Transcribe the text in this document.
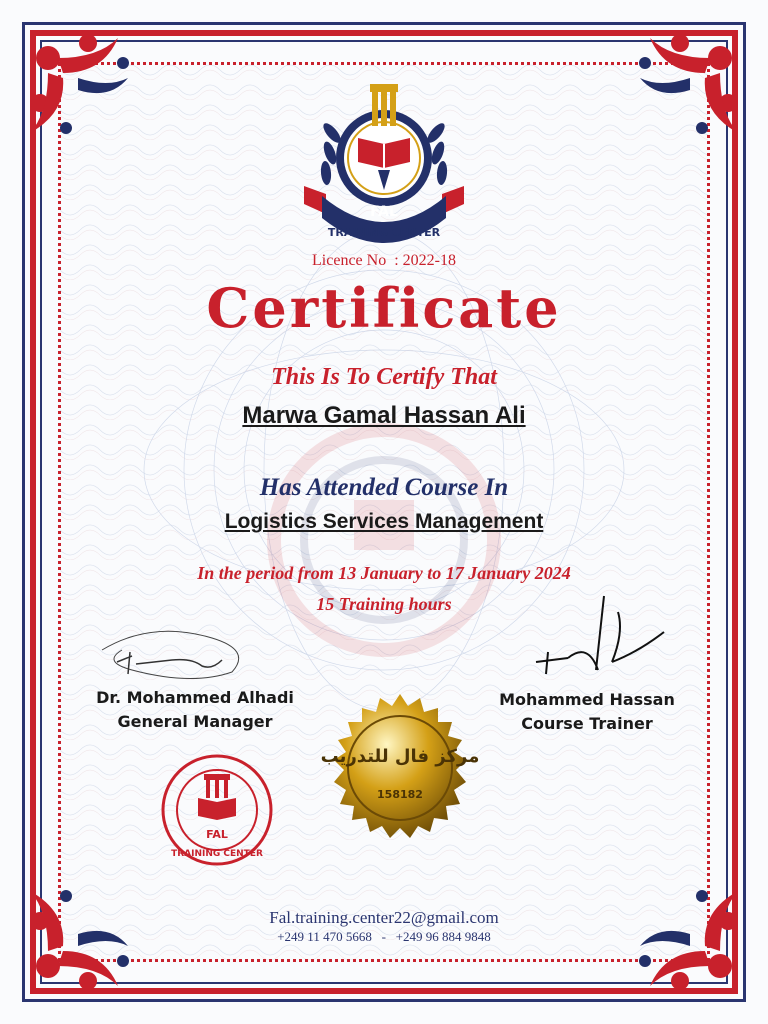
FAL
TRAINING CENTER
Licence No  : 2022-18
Certificate
This Is To Certify That
Marwa Gamal Hassan Ali
Has Attended Course In
Logistics Services Management
In the period from 13 January to 17 January 2024
15 Training hours
Dr. Mohammed Alhadi
General Manager
Mohammed Hassan
Course Trainer
FAL
TRAINING CENTER
مركز فال للتدريب
158182
Fal.training.center22@gmail.com
+249 11 470 5668   -   +249 96 884 9848
